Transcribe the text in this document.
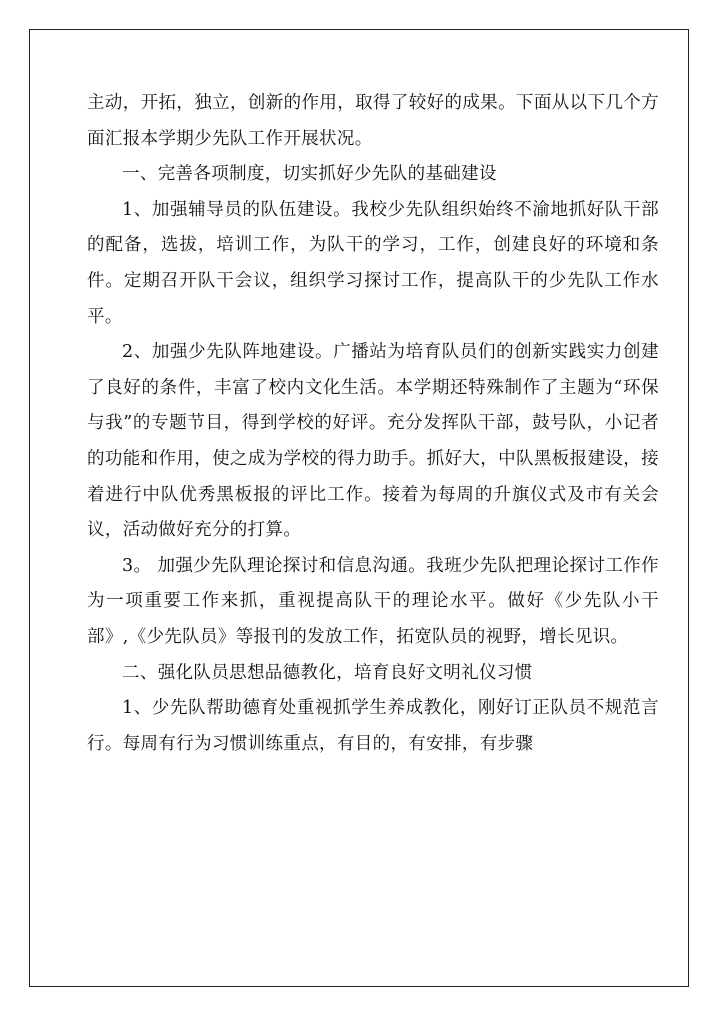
主动，开拓，独立，创新的作用，取得了较好的成果。下面从以下几个方面汇报本学期少先队工作开展状况。

一、完善各项制度，切实抓好少先队的基础建设

1、加强辅导员的队伍建设。我校少先队组织始终不渝地抓好队干部的配备，选拔，培训工作，为队干的学习，工作，创建良好的环境和条件。定期召开队干会议，组织学习探讨工作，提高队干的少先队工作水平。

2、加强少先队阵地建设。广播站为培育队员们的创新实践实力创建了良好的条件，丰富了校内文化生活。本学期还特殊制作了主题为“环保与我”的专题节目，得到学校的好评。充分发挥队干部，鼓号队，小记者的功能和作用，使之成为学校的得力助手。抓好大，中队黑板报建设，接着进行中队优秀黑板报的评比工作。接着为每周的升旗仪式及市有关会议，活动做好充分的打算。

3。 加强少先队理论探讨和信息沟通。我班少先队把理论探讨工作作为一项重要工作来抓，重视提高队干的理论水平。做好《少先队小干部》,《少先队员》等报刊的发放工作，拓宽队员的视野，增长见识。

二、强化队员思想品德教化，培育良好文明礼仪习惯

1、少先队帮助德育处重视抓学生养成教化，刚好订正队员不规范言行。每周有行为习惯训练重点，有目的，有安排，有步骤
